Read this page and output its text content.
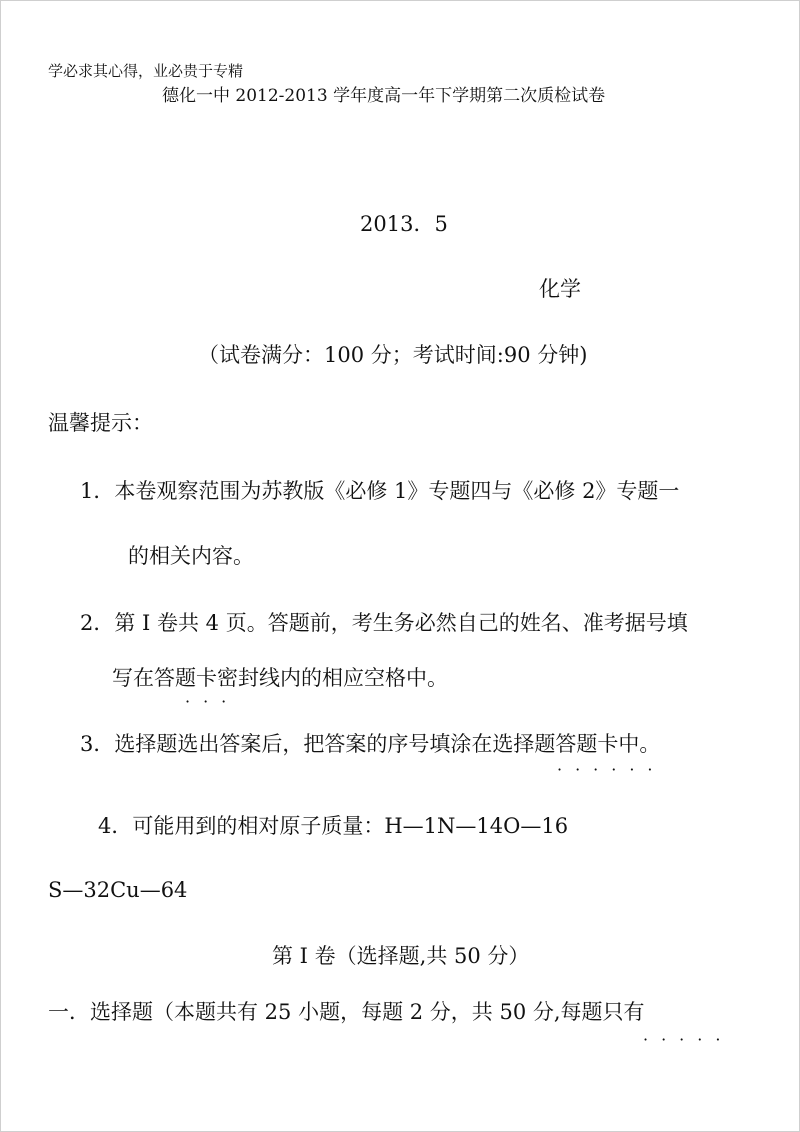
学必求其心得，业必贵于专精
德化一中 2012-2013 学年度高一年下学期第二次质检试卷
2013．5
化学
（试卷满分：100 分；考试时间:90 分钟)
温馨提示：
1．本卷观察范围为苏教版《必修 1》专题四与《必修 2》专题一
的相关内容。
2．第 I 卷共 4 页。答题前，考生务必然自己的姓名、准考据号填
写在答题卡密封线内的相应空格中。
···
3．选择题选出答案后，把答案的序号填涂在选择题答题卡中。
······
4．可能用到的相对原子质量：H—1N—14O—16
S—32Cu—64
第 I 卷（选择题,共 50 分）
一．选择题（本题共有 25 小题，每题 2 分，共 50 分,每题只有
·····
